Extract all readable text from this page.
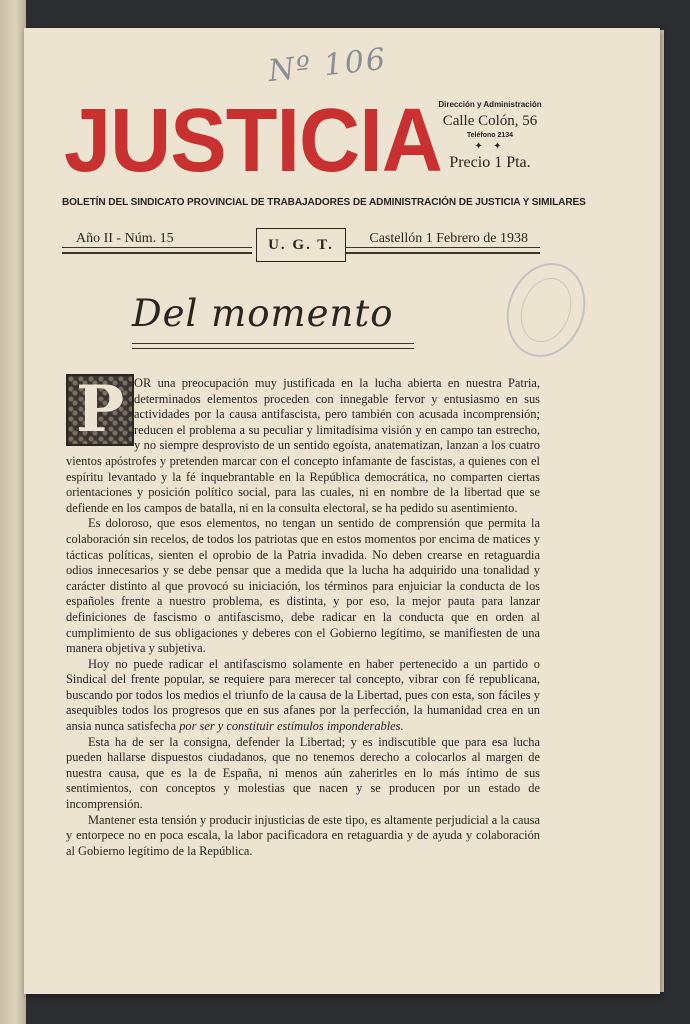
Nº 106
JUSTICIA
Dirección y Administración
Calle Colón, 56
Teléfono 2134
✦ ✦
Precio 1 Pta.
BOLETÍN DEL SINDICATO PROVINCIAL DE TRABAJADORES DE ADMINISTRACIÓN DE JUSTICIA Y SIMILARES
Año II - Núm. 15	U. G. T.	Castellón 1 Febrero de 1938
Del momento

OR una preocupación muy justificada en la lucha abierta en nuestra Patria, determinados elementos proceden con innegable fervor y entusiasmo en sus actividades por la causa antifascista, pero también con acusada incomprensión; reducen el problema a su peculiar y limitadísima visión y en campo tan estrecho, y no siempre desprovisto de un sentido egoísta, anatematizan, lanzan a los cuatro vientos apóstrofes y pretenden marcar con el concepto infamante de fascistas, a quienes con el espíritu levantado y la fé inquebrantable en la República democrática, no comparten ciertas orientaciones y posición político social, para las cuales, ni en nombre de la libertad que se defiende en los campos de batalla, ni en la consulta electoral, se ha pedido su asentimiento.

Es doloroso, que esos elementos, no tengan un sentido de comprensión que permita la colaboración sin recelos, de todos los patriotas que en estos momentos por encima de matices y tácticas políticas, sienten el oprobio de la Patria invadida. No deben crearse en retaguardia odios innecesarios y se debe pensar que a medida que la lucha ha adquirido una tonalidad y carácter distinto al que provocó su iniciación, los términos para enjuiciar la conducta de los españoles frente a nuestro problema, es distinta, y por eso, la mejor pauta para lanzar definiciones de fascismo o antifascismo, debe radicar en la conducta que en orden al cumplimiento de sus obligaciones y deberes con el Gobierno legítimo, se manifiesten de una manera objetiva y subjetiva.

Hoy no puede radicar el antifascismo solamente en haber pertenecido a un partido o Sindical del frente popular, se requiere para merecer tal concepto, vibrar con fé republicana, buscando por todos los medios el triunfo de la causa de la Libertad, pues con esta, son fáciles y asequibles todos los progresos que en sus afanes por la perfección, la humanidad crea en un ansia nunca satisfecha por ser y constituir estímulos imponderables.

Esta ha de ser la consigna, defender la Libertad; y es indiscutible que para esa lucha pueden hallarse dispuestos ciudadanos, que no tenemos derecho a colocarlos al margen de nuestra causa, que es la de España, ni menos aún zaherirles en lo más íntimo de sus sentimientos, con conceptos y molestias que nacen y se producen por un estado de incomprensión.

Mantener esta tensión y producir injusticias de este tipo, es altamente perjudicial a la causa y entorpece no en poca escala, la labor pacificadora en retaguardia y de ayuda y colaboración al Gobierno legítimo de la República.

P
